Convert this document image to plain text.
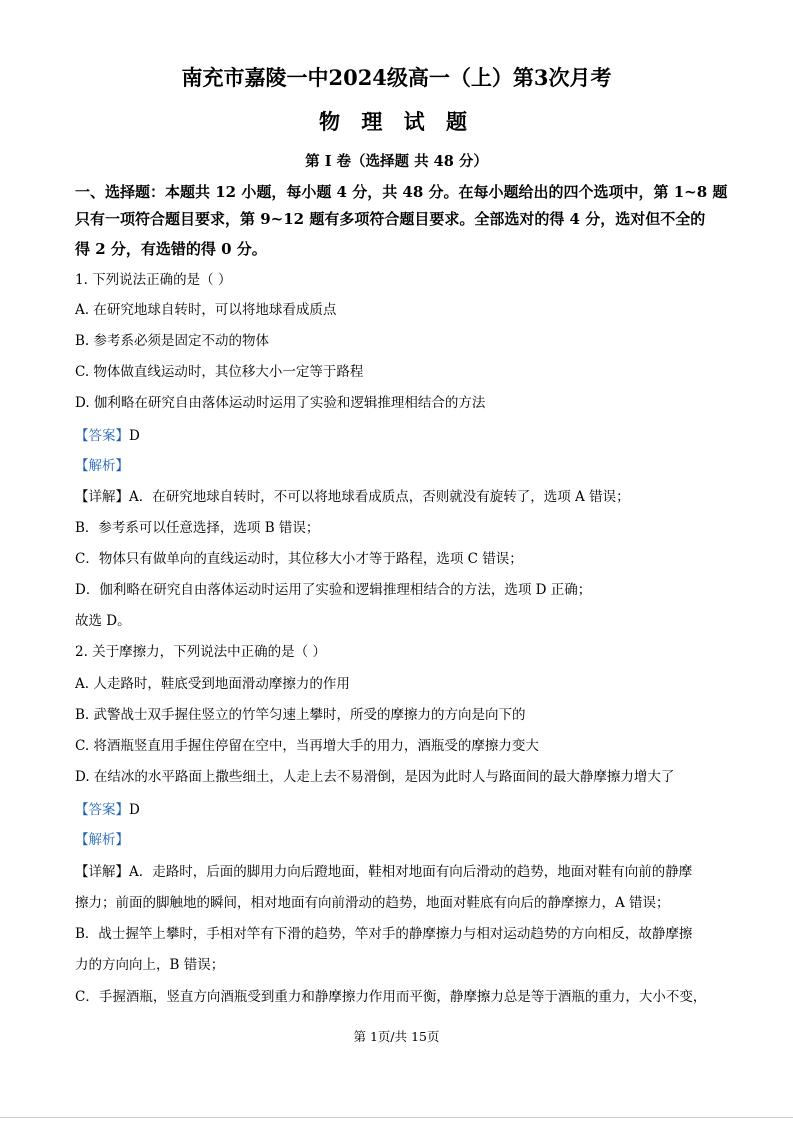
南充市嘉陵一中2024级高一（上）第3次月考
物 理 试 题
第 I 卷（选择题 共 48 分）
一、选择题：本题共 12 小题，每小题 4 分，共 48 分。在每小题给出的四个选项中，第 1~8 题
只有一项符合题目要求，第 9~12 题有多项符合题目要求。全部选对的得 4 分，选对但不全的
得 2 分，有选错的得 0 分。
1. 下列说法正确的是（ ）
A. 在研究地球自转时，可以将地球看成质点
B. 参考系必须是固定不动的物体
C. 物体做直线运动时，其位移大小一定等于路程
D. 伽利略在研究自由落体运动时运用了实验和逻辑推理相结合的方法
【答案】D
【解析】
【详解】A．在研究地球自转时，不可以将地球看成质点，否则就没有旋转了，选项 A 错误；
B．参考系可以任意选择，选项 B 错误；
C．物体只有做单向的直线运动时，其位移大小才等于路程，选项 C 错误；
D．伽利略在研究自由落体运动时运用了实验和逻辑推理相结合的方法，选项 D 正确；
故选 D。
2. 关于摩擦力，下列说法中正确的是（ ）
A. 人走路时，鞋底受到地面滑动摩擦力的作用
B. 武警战士双手握住竖立的竹竿匀速上攀时，所受的摩擦力的方向是向下的
C. 将酒瓶竖直用手握住停留在空中，当再增大手的用力，酒瓶受的摩擦力变大
D. 在结冰的水平路面上撒些细土，人走上去不易滑倒，是因为此时人与路面间的最大静摩擦力增大了
【答案】D
【解析】
【详解】A．走路时，后面的脚用力向后蹬地面，鞋相对地面有向后滑动的趋势，地面对鞋有向前的静摩
擦力；前面的脚触地的瞬间，相对地面有向前滑动的趋势，地面对鞋底有向后的静摩擦力，A 错误；
B．战士握竿上攀时，手相对竿有下滑的趋势，竿对手的静摩擦力与相对运动趋势的方向相反，故静摩擦
力的方向向上，B 错误；
C．手握酒瓶，竖直方向酒瓶受到重力和静摩擦力作用而平衡，静摩擦力总是等于酒瓶的重力，大小不变，
第 1页/共 15页
